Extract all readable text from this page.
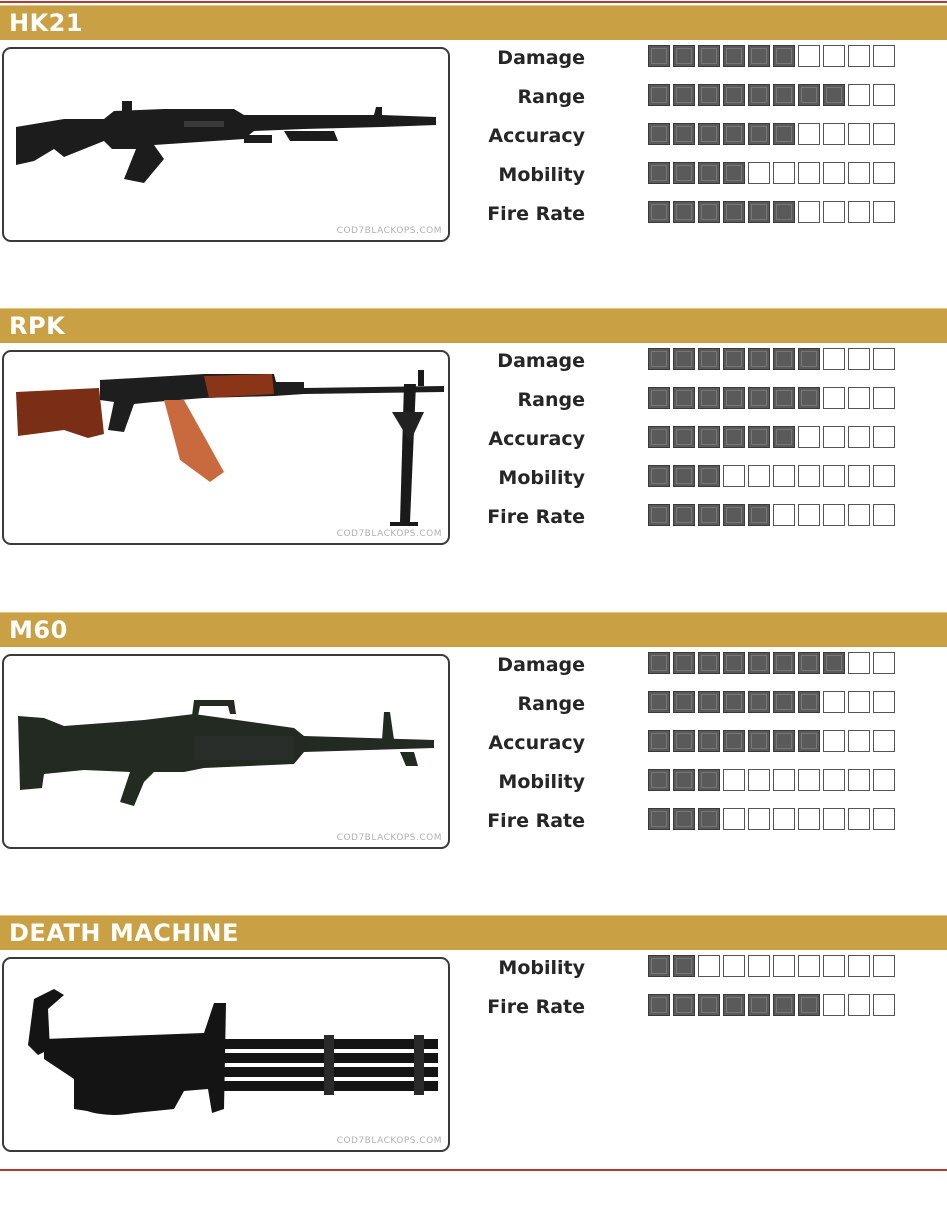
HK21
COD7BLACKOPS.COM
Damage
Range
Accuracy
Mobility
Fire Rate
RPK
COD7BLACKOPS.COM
Damage
Range
Accuracy
Mobility
Fire Rate
M60
COD7BLACKOPS.COM
Damage
Range
Accuracy
Mobility
Fire Rate
DEATH MACHINE
COD7BLACKOPS.COM
Mobility
Fire Rate
